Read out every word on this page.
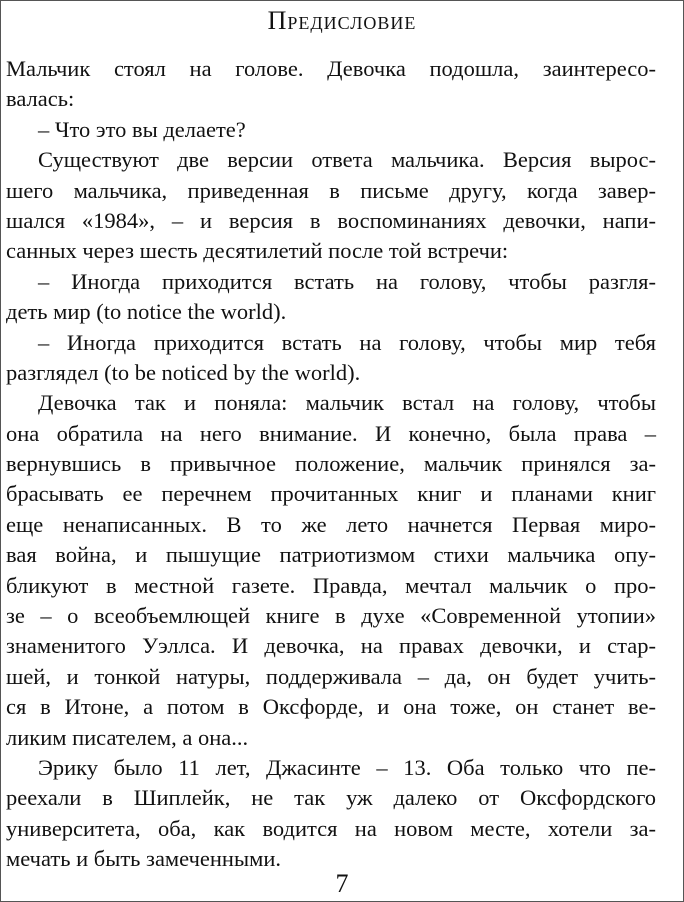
Предисловие
Мальчик стоял на голове. Девочка подошла, заинтересо-
валась:
– Что это вы делаете?
Существуют две версии ответа мальчика. Версия вырос-
шего мальчика, приведенная в письме другу, когда завер-
шался «1984», – и версия в воспоминаниях девочки, напи-
санных через шесть десятилетий после той встречи:
– Иногда приходится встать на голову, чтобы разгля-
деть мир (to notice the world).
– Иногда приходится встать на голову, чтобы мир тебя
разглядел (to be noticed by the world).
Девочка так и поняла: мальчик встал на голову, чтобы
она обратила на него внимание. И конечно, была права –
вернувшись в привычное положение, мальчик принялся за-
брасывать ее перечнем прочитанных книг и планами книг
еще ненаписанных. В то же лето начнется Первая миро-
вая война, и пышущие патриотизмом стихи мальчика опу-
бликуют в местной газете. Правда, мечтал мальчик о про-
зе – о всеобъемлющей книге в духе «Современной утопии»
знаменитого Уэллса. И девочка, на правах девочки, и стар-
шей, и тонкой натуры, поддерживала – да, он будет учить-
ся в Итоне, а потом в Оксфорде, и она тоже, он станет ве-
ликим писателем, а она...
Эрику было 11 лет, Джасинте – 13. Оба только что пе-
реехали в Шиплейк, не так уж далеко от Оксфордского
университета, оба, как водится на новом месте, хотели за-
мечать и быть замеченными.
7
